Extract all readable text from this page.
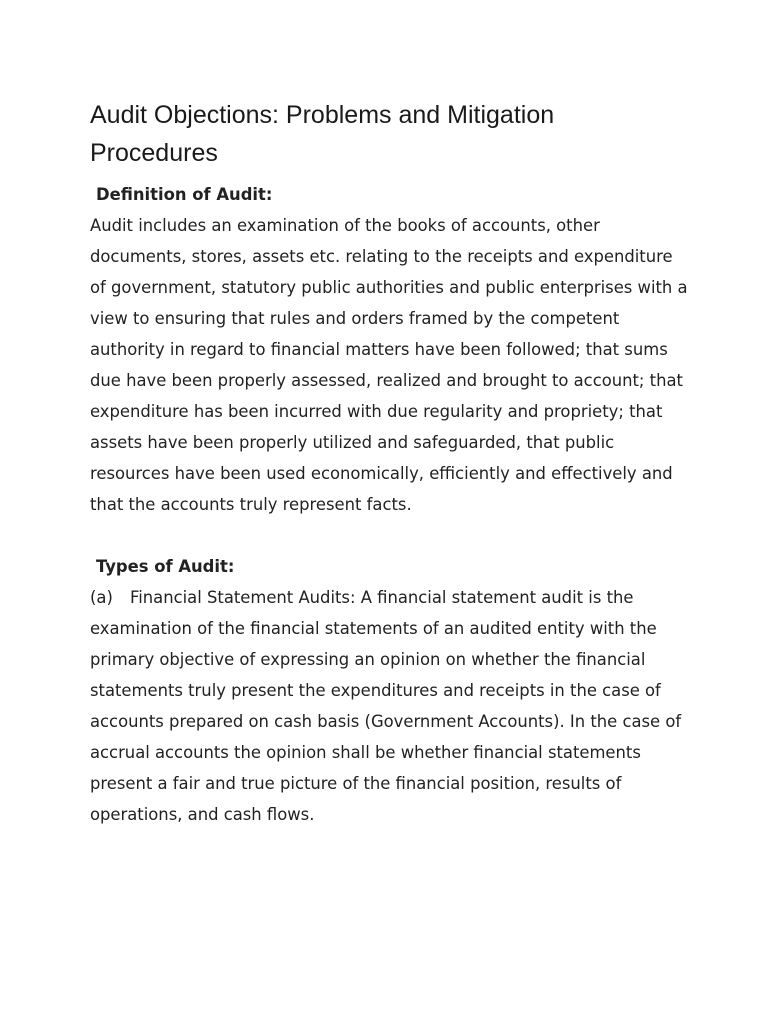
Audit Objections: Problems and Mitigation Procedures
Definition of Audit:

Audit includes an examination of the books of accounts, other documents, stores, assets etc. relating to the receipts and expenditure of government, statutory public authorities and public enterprises with a view to ensuring that rules and orders framed by the competent authority in regard to financial matters have been followed; that sums due have been properly assessed, realized and brought to account; that expenditure has been incurred with due regularity and propriety; that assets have been properly utilized and safeguarded, that public resources have been used economically, efficiently and effectively and that the accounts truly represent facts.

Types of Audit:

(a) Financial Statement Audits: A financial statement audit is the examination of the financial statements of an audited entity with the primary objective of expressing an opinion on whether the financial statements truly present the expenditures and receipts in the case of accounts prepared on cash basis (Government Accounts). In the case of accrual accounts the opinion shall be whether financial statements present a fair and true picture of the financial position, results of operations, and cash flows.
